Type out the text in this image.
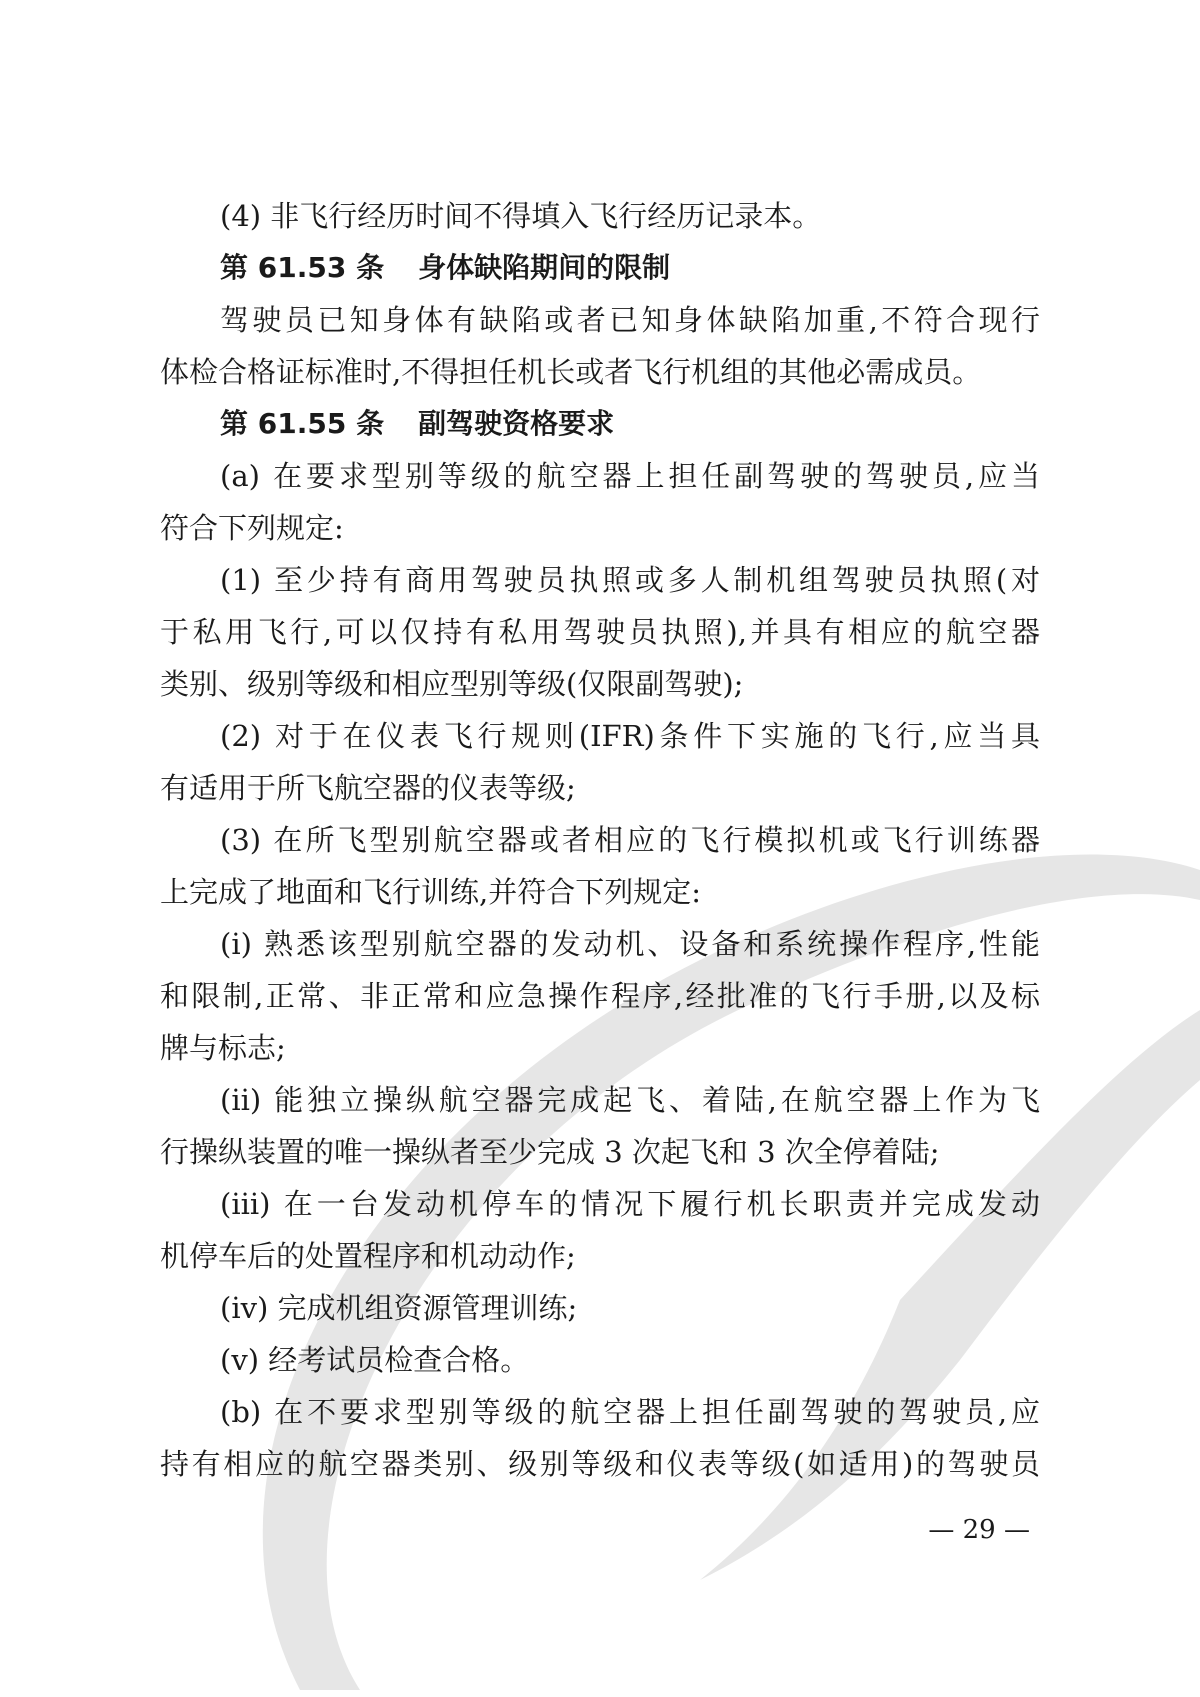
(4) 非飞行经历时间不得填入飞行经历记录本。
第 61.53 条 身体缺陷期间的限制
驾驶员已知身体有缺陷或者已知身体缺陷加重,不符合现行
体检合格证标准时,不得担任机长或者飞行机组的其他必需成员。
第 61.55 条 副驾驶资格要求
(a) 在要求型别等级的航空器上担任副驾驶的驾驶员,应当
符合下列规定:
(1) 至少持有商用驾驶员执照或多人制机组驾驶员执照(对
于私用飞行,可以仅持有私用驾驶员执照),并具有相应的航空器
类别、级别等级和相应型别等级(仅限副驾驶);
(2) 对于在仪表飞行规则(IFR)条件下实施的飞行,应当具
有适用于所飞航空器的仪表等级;
(3) 在所飞型别航空器或者相应的飞行模拟机或飞行训练器
上完成了地面和飞行训练,并符合下列规定:
(i) 熟悉该型别航空器的发动机、设备和系统操作程序,性能
和限制,正常、非正常和应急操作程序,经批准的飞行手册,以及标
牌与标志;
(ii) 能独立操纵航空器完成起飞、着陆,在航空器上作为飞
行操纵装置的唯一操纵者至少完成 3 次起飞和 3 次全停着陆;
(iii) 在一台发动机停车的情况下履行机长职责并完成发动
机停车后的处置程序和机动动作;
(iv) 完成机组资源管理训练;
(v) 经考试员检查合格。
(b) 在不要求型别等级的航空器上担任副驾驶的驾驶员,应
持有相应的航空器类别、级别等级和仪表等级(如适用)的驾驶员
— 29 —
